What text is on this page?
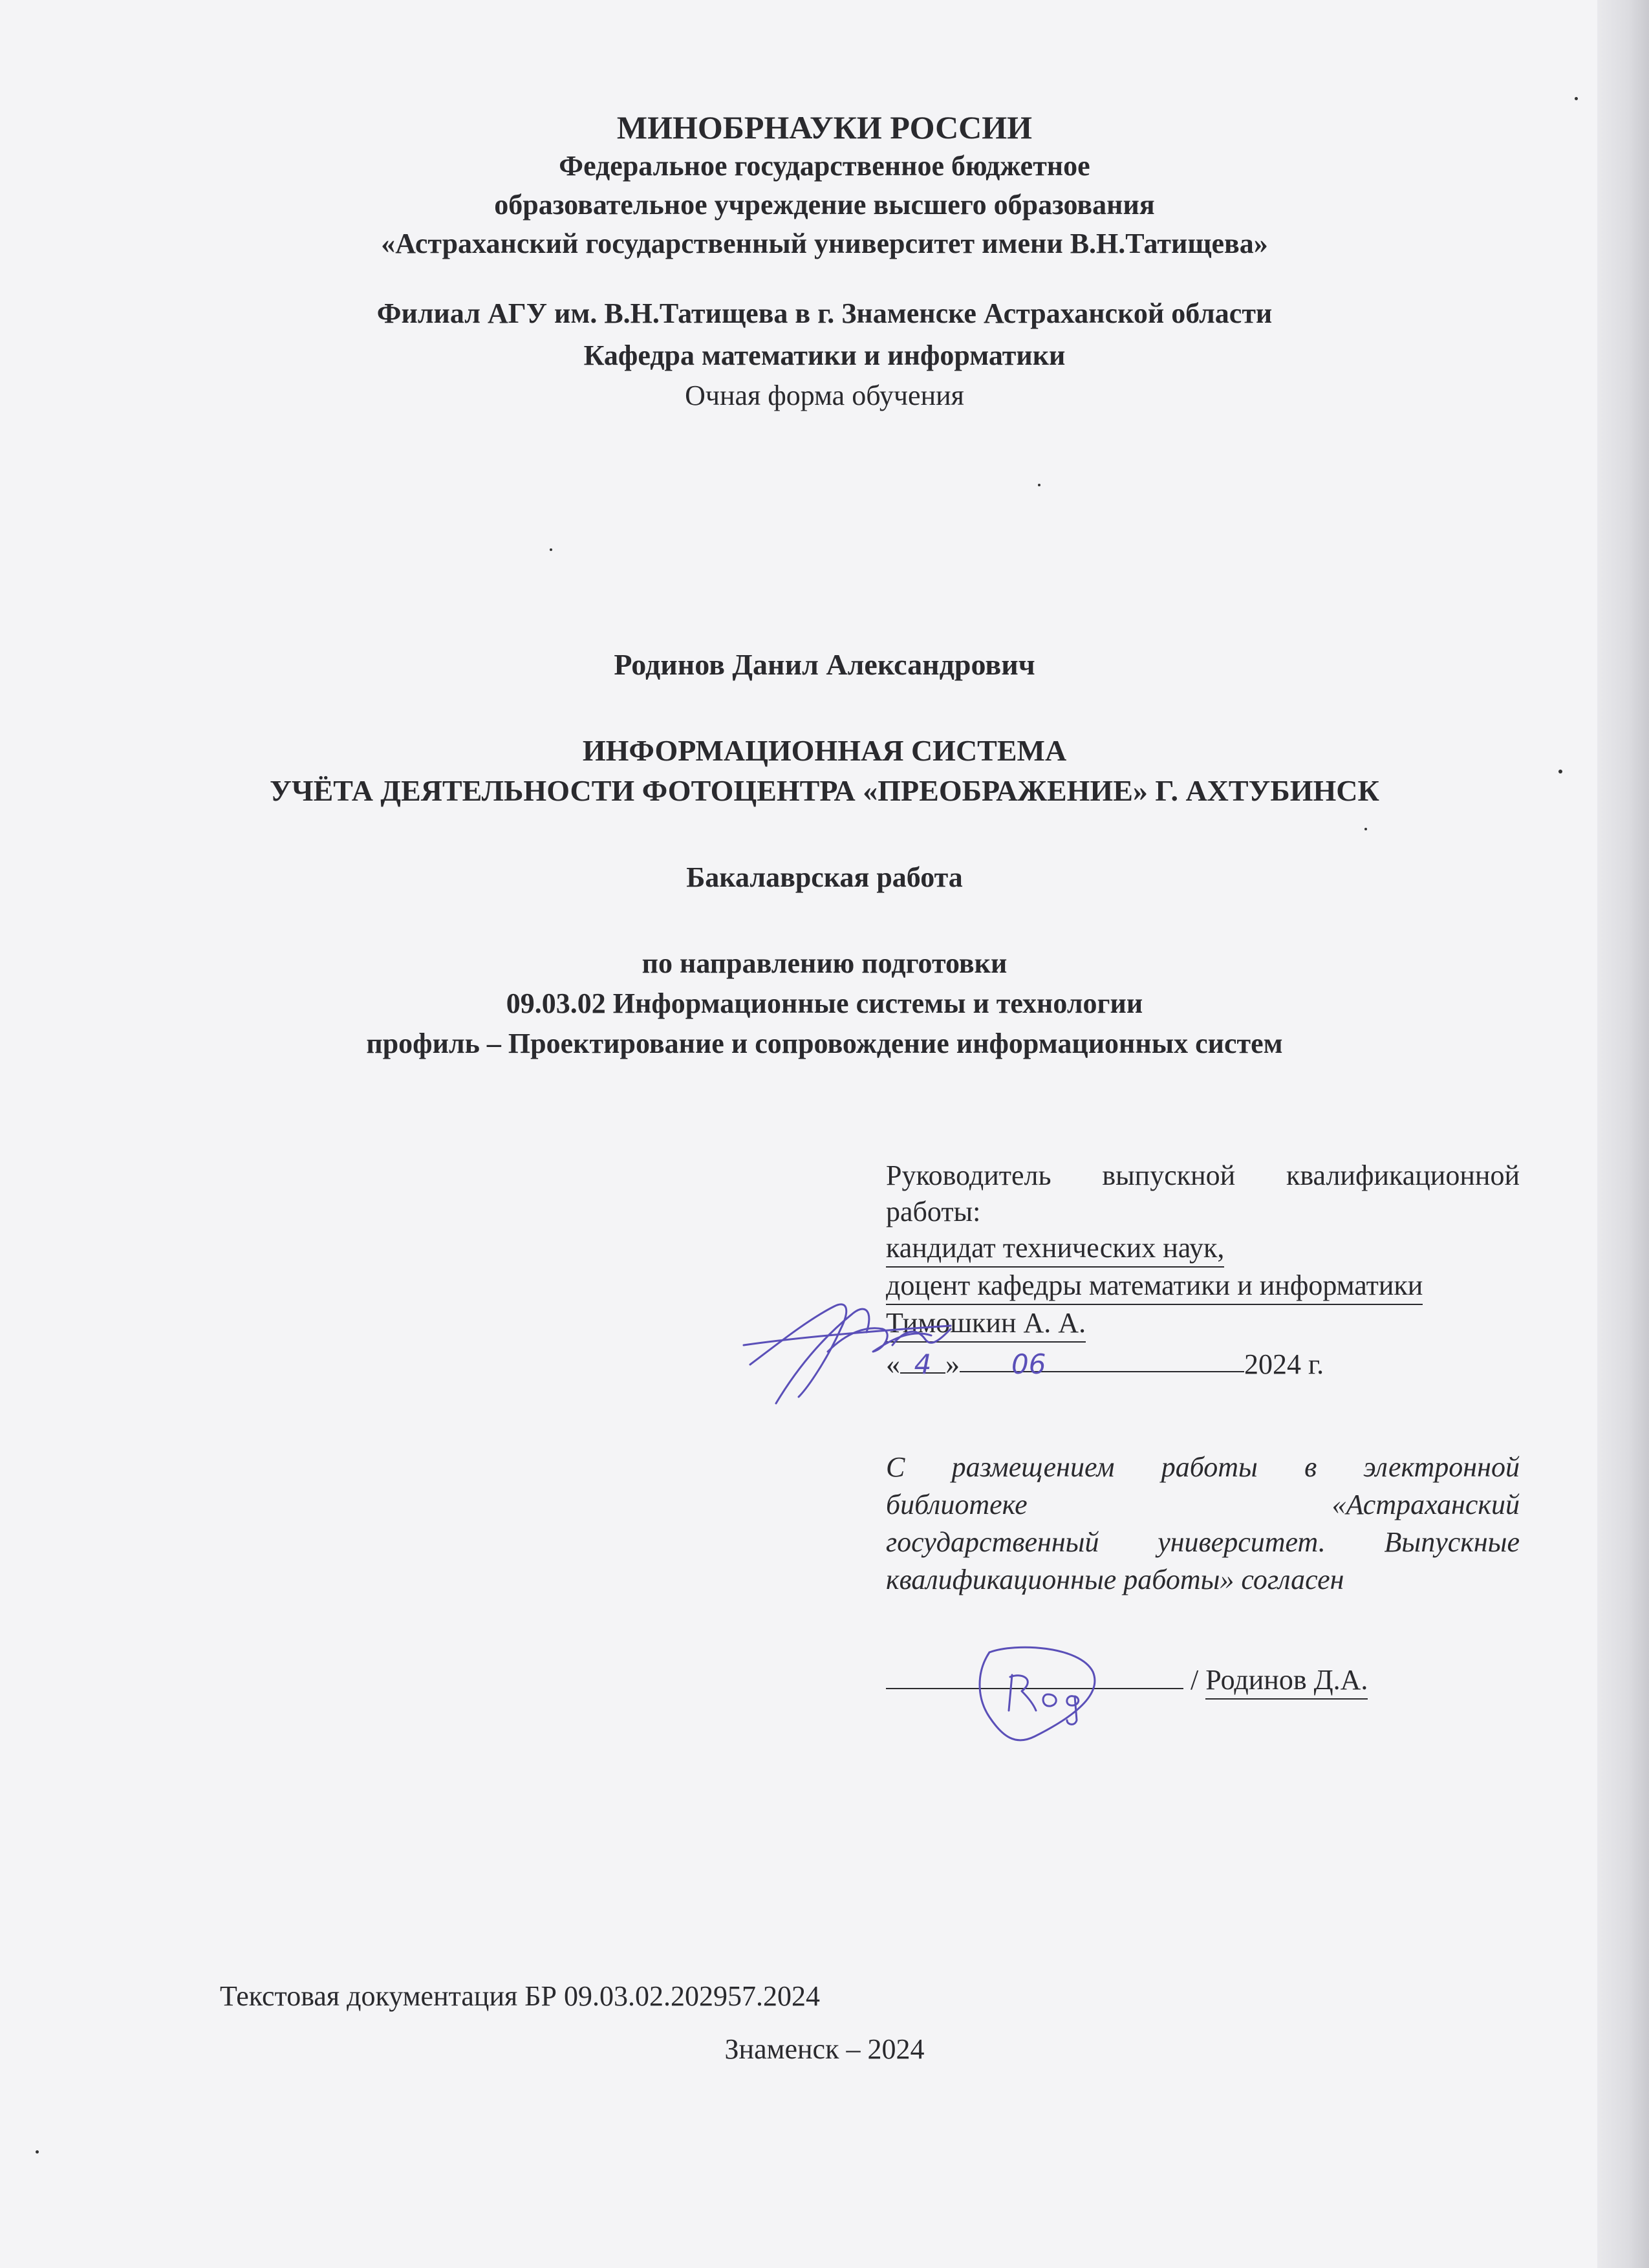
МИНОБРНАУКИ РОССИИ
Федеральное государственное бюджетное
образовательное учреждение высшего образования
«Астраханский государственный университет имени В.Н.Татищева»
Филиал АГУ им. В.Н.Татищева в г. Знаменске Астраханской области
Кафедра математики и информатики
Очная форма обучения
Родинов Данил Александрович
ИНФОРМАЦИОННАЯ СИСТЕМА
УЧЁТА ДЕЯТЕЛЬНОСТИ ФОТОЦЕНТРА «ПРЕОБРАЖЕНИЕ» Г. АХТУБИНСК
Бакалаврская работа
по направлению подготовки
09.03.02 Информационные системы и технологии
профиль – Проектирование и сопровождение информационных систем
Руководитель выпускной квалификационной
работы:
кандидат технических наук,
доцент кафедры математики и информатики
Тимошкин А. А.
« 4 » 06	2024 г.
С размещением работы в электронной
библиотеке	«Астраханский
государственный университет. Выпускные
квалификационные работы» согласен
/ Родинов Д.А.
Текстовая документация БР 09.03.02.202957.2024
Знаменск – 2024
